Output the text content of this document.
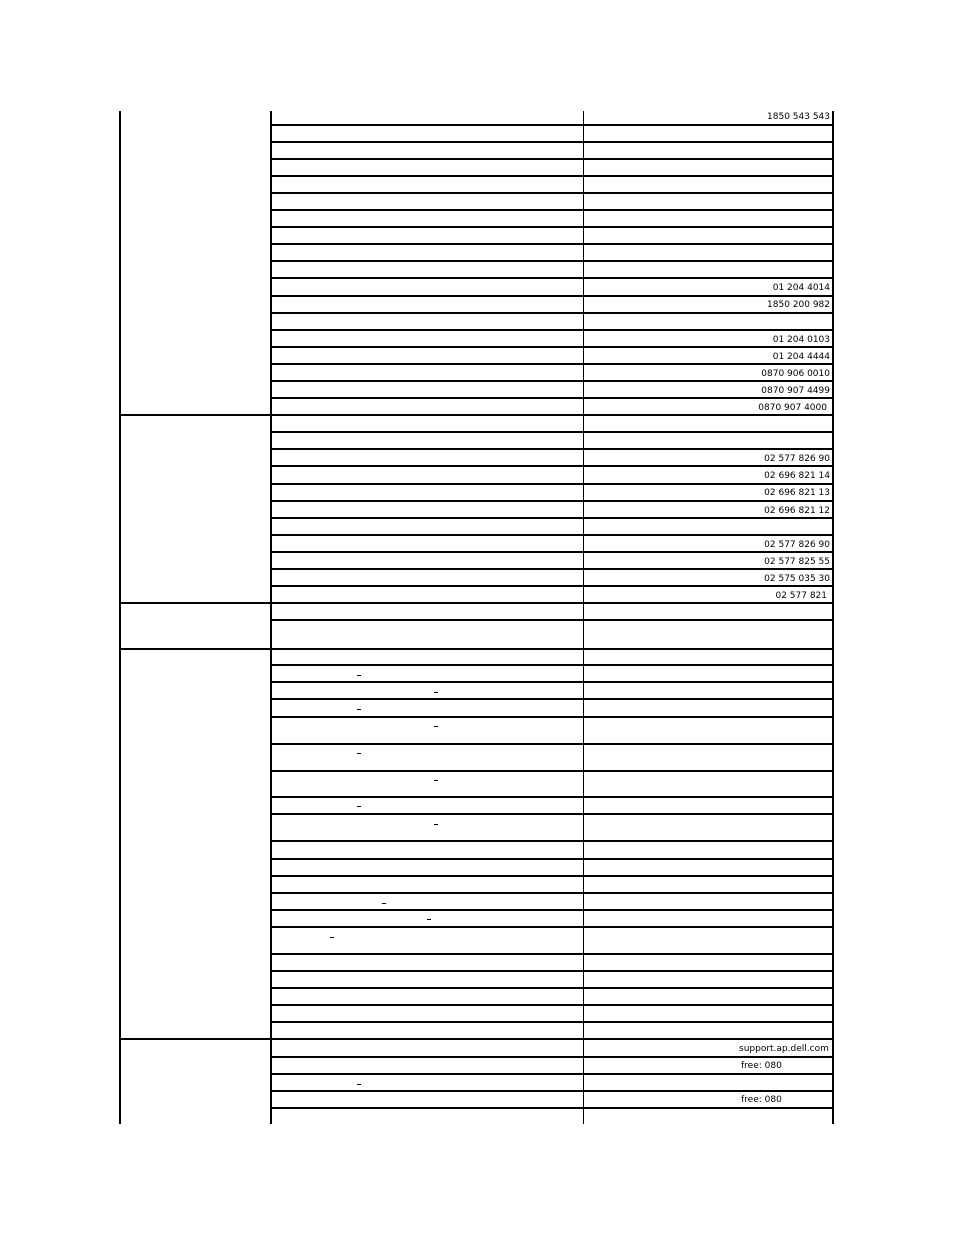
1850 543 543
01 204 4014
1850 200 982
01 204 0103
01 204 4444
0870 906 0010
0870 907 4499
0870 907 4000
02 577 826 90
02 696 821 14
02 696 821 13
02 696 821 12
02 577 826 90
02 577 825 55
02 575 035 30
02 577 821
support.ap.dell.com
free: 080
free: 080
